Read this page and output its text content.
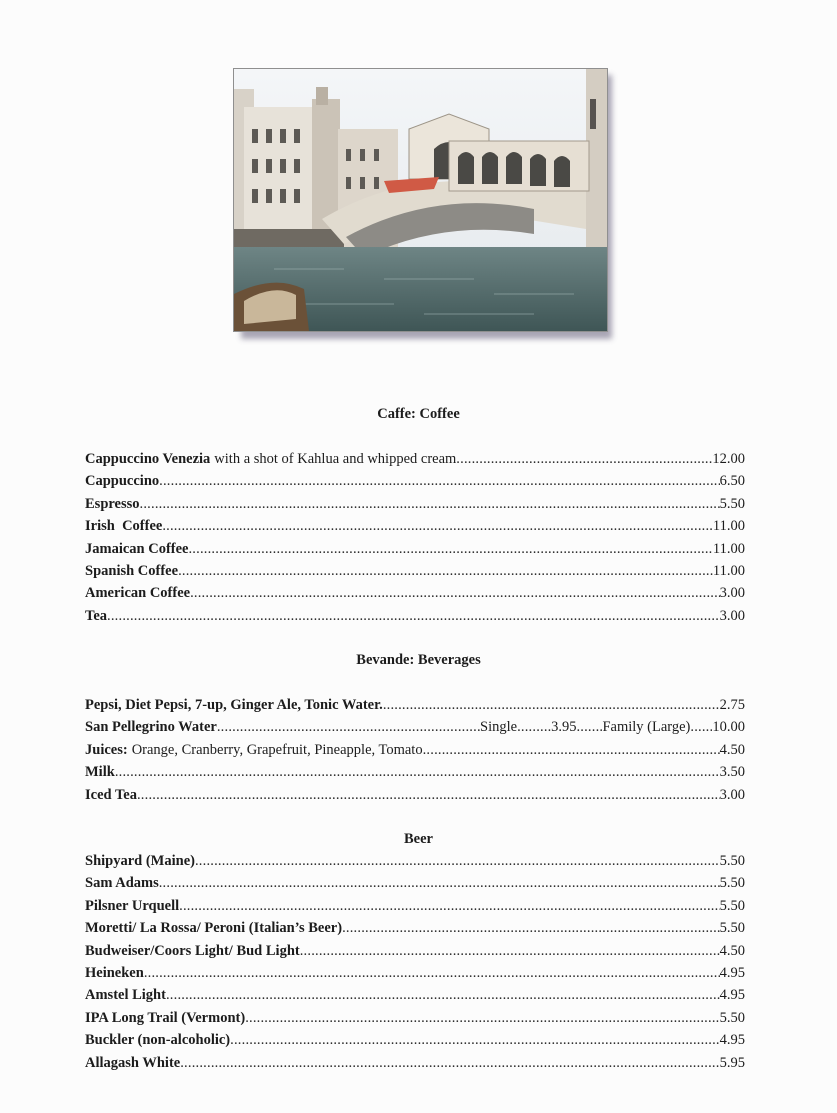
Caffe: Coffee
Cappuccino Venezia with a shot of Kahlua and whipped cream .....	12.00
Cappuccino .....	6.50
Espresso .....	5.50
Irish  Coffee .....	11.00
Jamaican Coffee .....	11.00
Spanish Coffee .....	11.00
American Coffee .....	3.00
Tea .....	3.00
Bevande: Beverages
Pepsi, Diet Pepsi, 7-up, Ginger Ale, Tonic Water. .....	2.75
San Pellegrino Water .....	Single ..... 3.95 ..... Family (Large) ..... 10.00
Juices: Orange, Cranberry, Grapefruit, Pineapple, Tomato .....	4.50
Milk .....	3.50
Iced Tea .....	3.00
Beer
Shipyard (Maine) .....	5.50
Sam Adams .....	5.50
Pilsner Urquell .....	5.50
Moretti/ La Rossa/ Peroni (Italian’s Beer) .....	5.50
Budweiser/Coors Light/ Bud Light .....	4.50
Heineken .....	4.95
Amstel Light .....	4.95
IPA Long Trail (Vermont) .....	5.50
Buckler (non-alcoholic) .....	4.95
Allagash White .....	5.95
